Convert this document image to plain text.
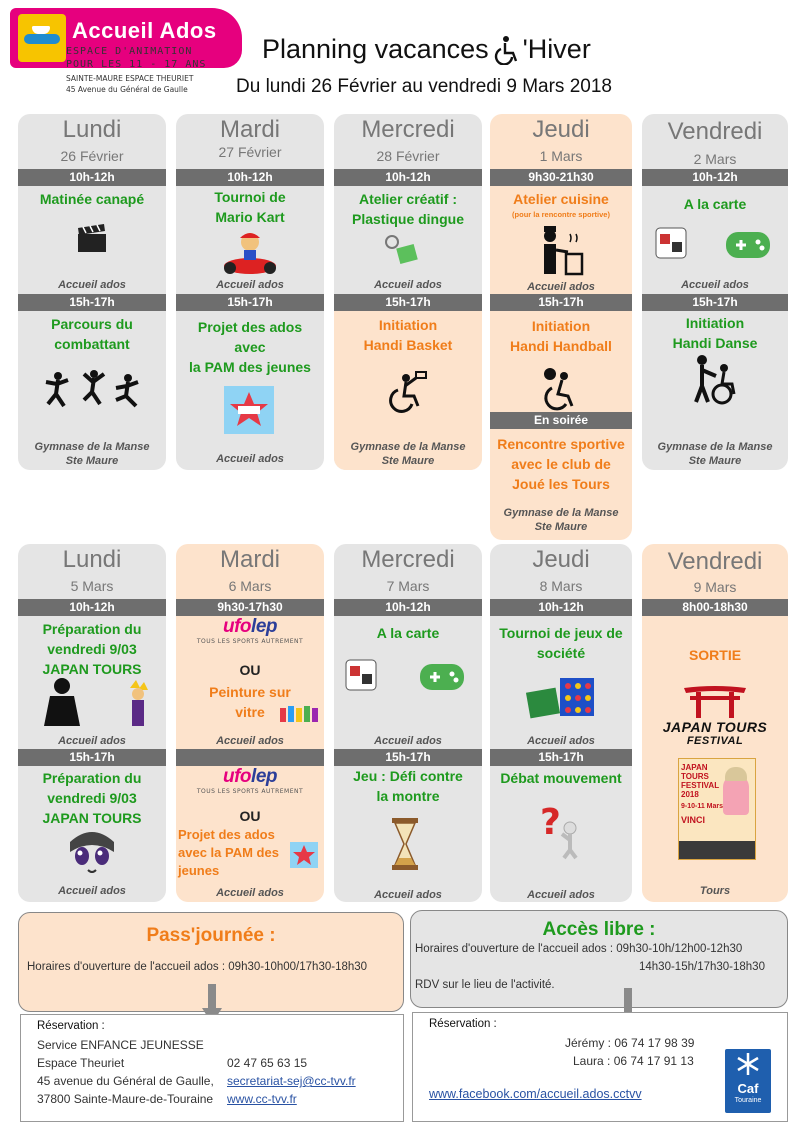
Accueil Ados
ESPACE D'ANIMATION
POUR LES 11 - 17 ANS
SAINTE-MAURE ESPACE THEURIET
45 Avenue du Général de Gaulle
Planning vacances 'Hiver
Du lundi 26 Février au vendredi 9 Mars 2018
Lundi
26 Février
10h-12h
Matinée canapé
Accueil ados
15h-17h
Parcours du
combattant
Gymnase de la Manse
Ste Maure
Mardi
27 Février
10h-12h
Tournoi de
Mario Kart
Accueil ados
15h-17h
Projet des ados
avec
la PAM des jeunes
Accueil ados
Mercredi
28 Février
10h-12h
Atelier créatif :
Plastique dingue
Accueil ados
15h-17h
Initiation
Handi Basket
Gymnase de la Manse
Ste Maure
Jeudi
1 Mars
9h30-21h30
Atelier cuisine
(pour la rencontre sportive)
Accueil ados
15h-17h
Initiation
Handi Handball
En soirée
Rencontre sportive
avec le club de
Joué les Tours
Gymnase de la Manse
Ste Maure
Vendredi
2 Mars
10h-12h
A la carte
Accueil ados
15h-17h
Initiation
Handi Danse
Gymnase de la Manse
Ste Maure
Lundi
5 Mars
10h-12h
Préparation du
vendredi 9/03
JAPAN TOURS
Accueil ados
15h-17h
Préparation du
vendredi 9/03
JAPAN TOURS
Accueil ados
Mardi
6 Mars
9h30-17h30
ufolep
TOUS LES SPORTS AUTREMENT
OU
Peinture sur
vitre
Accueil ados
ufolep
TOUS LES SPORTS AUTREMENT
OU
Projet des ados
avec la PAM des
jeunes
Accueil ados
Mercredi
7 Mars
10h-12h
A la carte
Accueil ados
15h-17h
Jeu : Défi contre
la montre
Accueil ados
Jeudi
8 Mars
10h-12h
Tournoi de jeux de
société
Accueil ados
15h-17h
Débat mouvement
?
Accueil ados
Vendredi
9 Mars
8h00-18h30
SORTIE
JAPAN TOURS
FESTIVAL
JAPAN TOURS FESTIVAL 2018
9-10-11 Mars
VINCI
Tours
Pass'journée :
Horaires d'ouverture de l'accueil ados : 09h30-10h00/17h30-18h30
Accès libre :
Horaires d'ouverture de l'accueil ados : 09h30-10h/12h00-12h30
14h30-15h/17h30-18h30
RDV sur le lieu de l'activité.
Réservation :
Service ENFANCE JEUNESSE
Espace Theuriet	02 47 65 63 15
45 avenue du Général de Gaulle, secretariat-sej@cc-tvv.fr
37800 Sainte-Maure-de-Touraine www.cc-tvv.fr
Réservation :
Jérémy : 06 74 17 98 39
Laura : 06 74 17 91 13
www.facebook.com/accueil.ados.cctvv	Caf
Touraine
